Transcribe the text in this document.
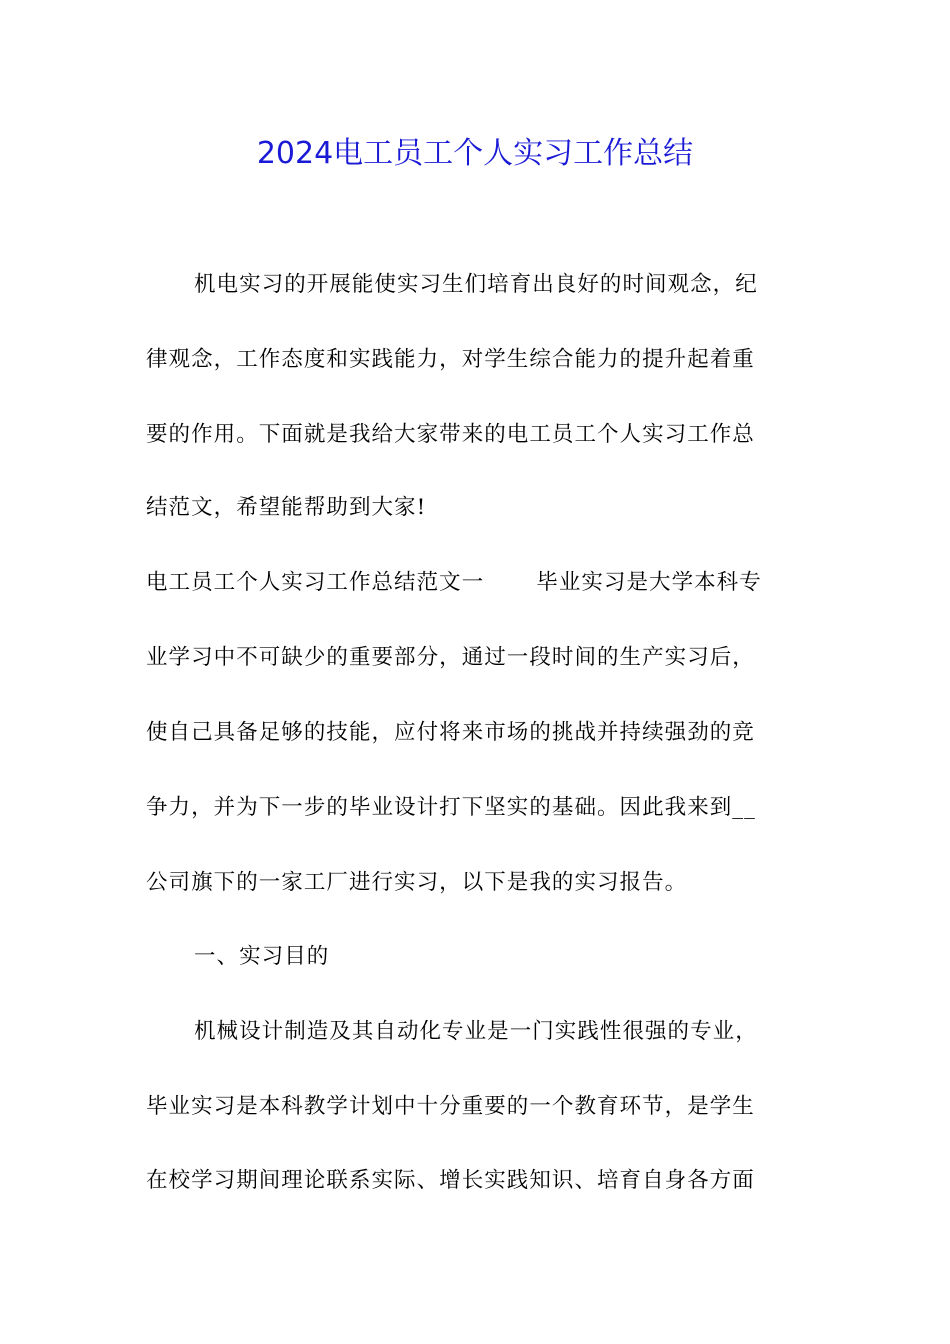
2024电工员工个人实习工作总结
机电实习的开展能使实习生们培育出良好的时间观念，纪
律观念，工作态度和实践能力，对学生综合能力的提升起着重
要的作用。下面就是我给大家带来的电工员工个人实习工作总
结范文，希望能帮助到大家!
电工员工个人实习工作总结范文一 毕业实习是大学本科专
业学习中不可缺少的重要部分，通过一段时间的生产实习后，
使自己具备足够的技能，应付将来市场的挑战并持续强劲的竞
争力，并为下一步的毕业设计打下坚实的基础。因此我来到__
公司旗下的一家工厂进行实习，以下是我的实习报告。
一、实习目的
机械设计制造及其自动化专业是一门实践性很强的专业，
毕业实习是本科教学计划中十分重要的一个教育环节，是学生
在校学习期间理论联系实际、增长实践知识、培育自身各方面
